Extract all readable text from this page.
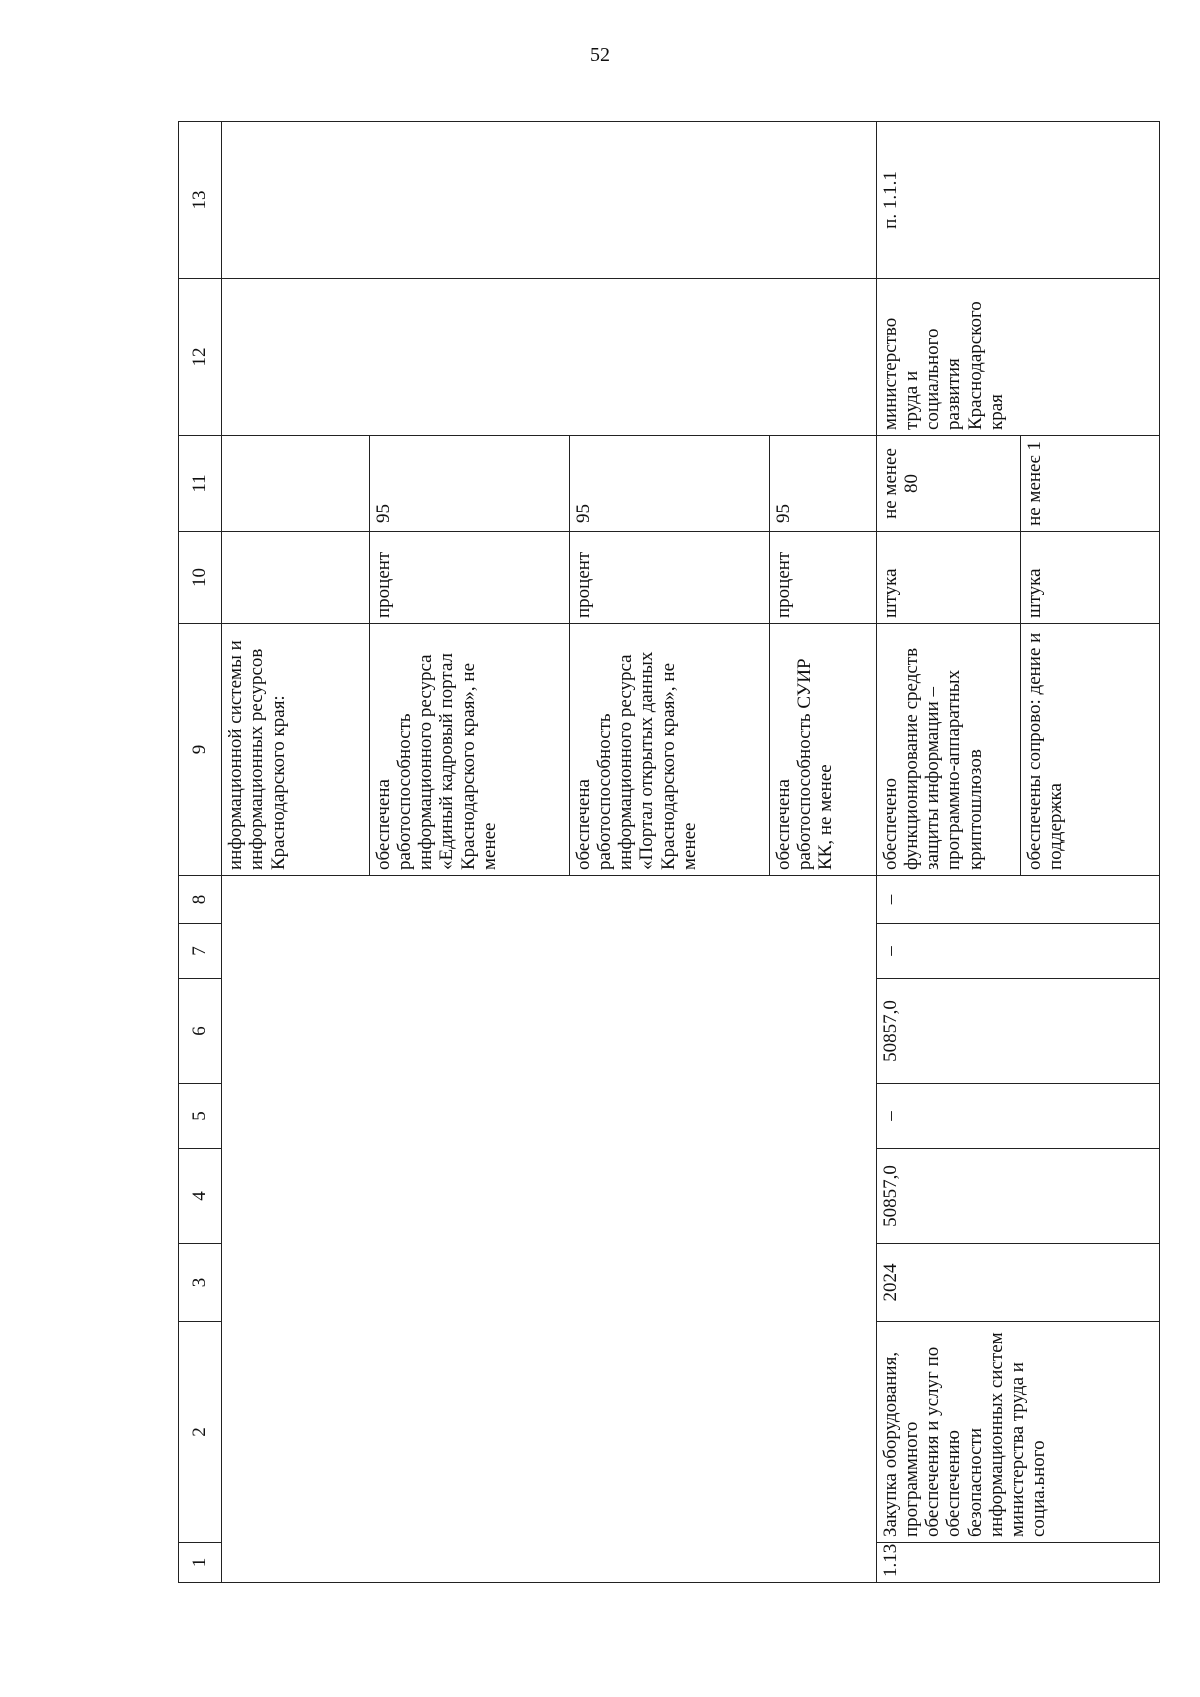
52
1	2	3	4	5	6	7	8	9	10	11	12	13
								информационной системы и информационных ресурсов Краснодарского края:				
								обеспечена работоспособность информационного ресурса «Единый кадровый портал Краснодарского края», не менее	процент	95		
								обеспечена работоспособность информационного ресурса «Портал открытых данных Краснодарского края», не менее	процент	95		
								обеспечена работоспособность СУИР КК, не менее	процент	95		
1.13	Закупка оборудования, программного обеспечения и услуг по обеспечению безопасности информационных систем министерства труда и социа.ьного	2024	50857,0	–	50857,0	–	–	обеспечено функционирование средств защиты информации – программно-аппаратных криптошлюзов	штука	не менее 80	министерство труда и социального развития Краснодарского края	п. 1.1.1
								обеспечены сопрово: дение и поддержка	штука	не менеє 1		
